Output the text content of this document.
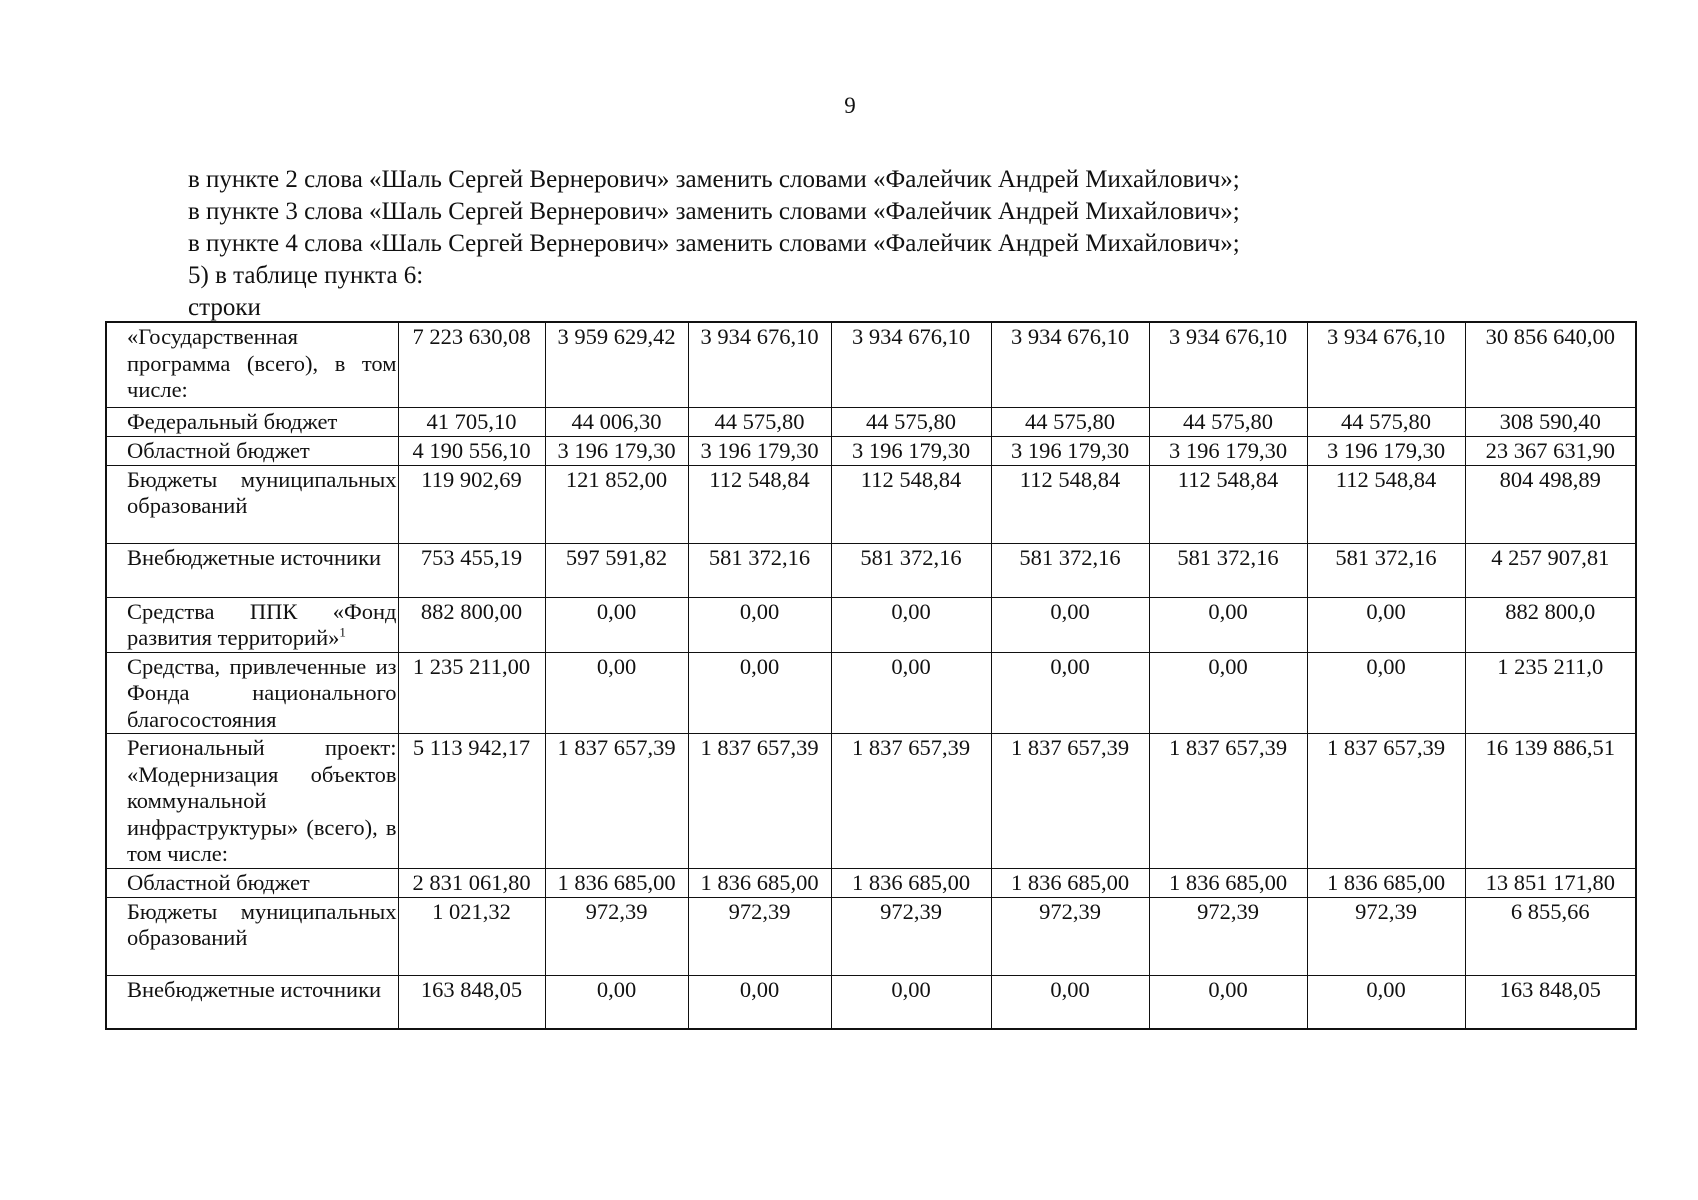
9
в пункте 2 слова «Шаль Сергей Вернерович» заменить словами «Фалейчик Андрей Михайлович»;
в пункте 3 слова «Шаль Сергей Вернерович» заменить словами «Фалейчик Андрей Михайлович»;
в пункте 4 слова «Шаль Сергей Вернерович» заменить словами «Фалейчик Андрей Михайлович»;
5) в таблице пункта 6:
строки
«Государственная программа (всего), в том числе:	7 223 630,08	3 959 629,42	3 934 676,10	3 934 676,10	3 934 676,10	3 934 676,10	3 934 676,10	30 856 640,00
Федеральный бюджет	41 705,10	44 006,30	44 575,80	44 575,80	44 575,80	44 575,80	44 575,80	308 590,40
Областной бюджет	4 190 556,10	3 196 179,30	3 196 179,30	3 196 179,30	3 196 179,30	3 196 179,30	3 196 179,30	23 367 631,90
Бюджеты муниципальных образований	119 902,69	121 852,00	112 548,84	112 548,84	112 548,84	112 548,84	112 548,84	804 498,89
Внебюджетные источники	753 455,19	597 591,82	581 372,16	581 372,16	581 372,16	581 372,16	581 372,16	4 257 907,81
Средства ППК «Фонд развития территорий»$^1$	882 800,00	0,00	0,00	0,00	0,00	0,00	0,00	882 800,0
Средства, привлеченные из Фонда национального благосостояния	1 235 211,00	0,00	0,00	0,00	0,00	0,00	0,00	1 235 211,0
Региональный проект: «Модернизация объектов коммунальной инфраструктуры» (всего), в том числе:	5 113 942,17	1 837 657,39	1 837 657,39	1 837 657,39	1 837 657,39	1 837 657,39	1 837 657,39	16 139 886,51
Областной бюджет	2 831 061,80	1 836 685,00	1 836 685,00	1 836 685,00	1 836 685,00	1 836 685,00	1 836 685,00	13 851 171,80
Бюджеты муниципальных образований	1 021,32	972,39	972,39	972,39	972,39	972,39	972,39	6 855,66
Внебюджетные источники	163 848,05	0,00	0,00	0,00	0,00	0,00	0,00	163 848,05
